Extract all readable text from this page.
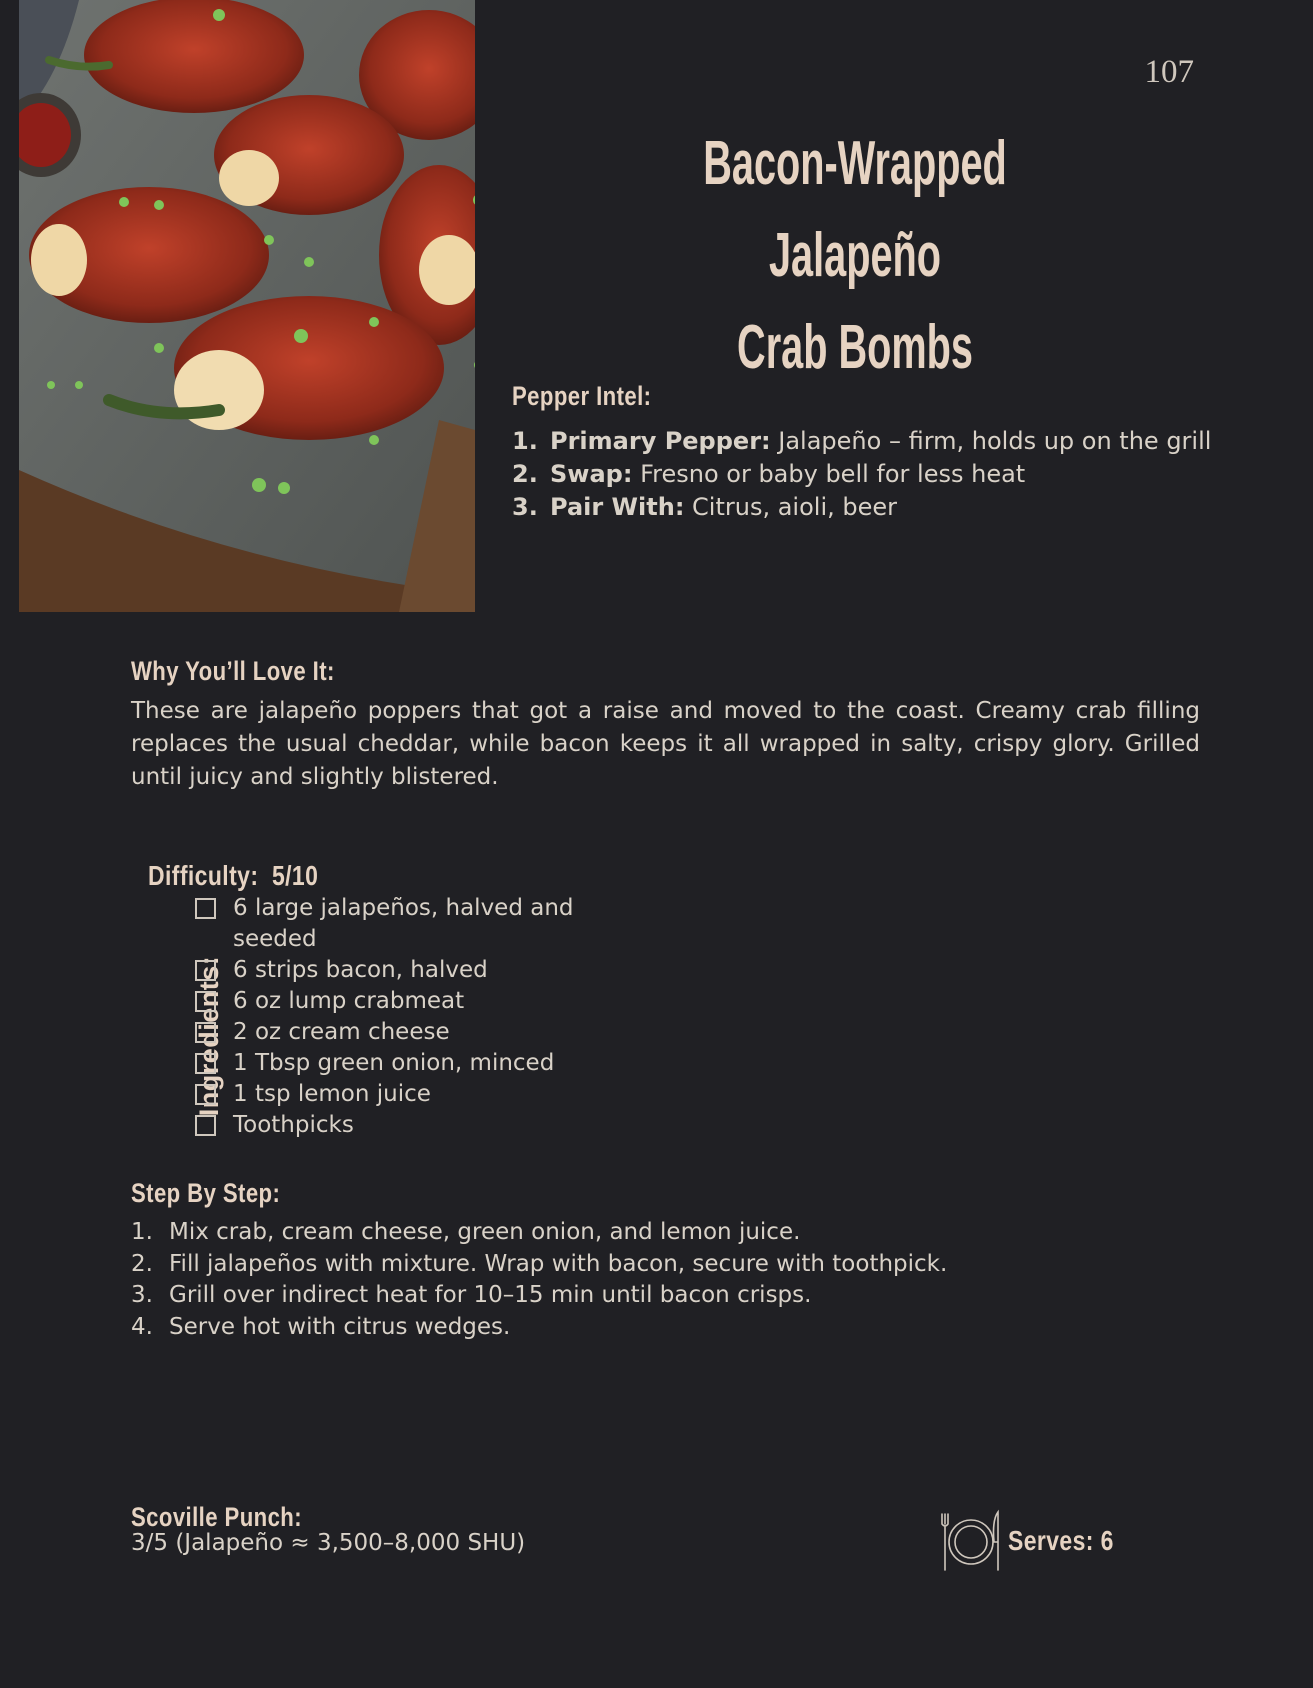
107
Bacon-Wrapped Jalapeño
Crab Bombs
Pepper Intel:
1. Primary Pepper: Jalapeño – firm, holds up on the grill
2. Swap: Fresno or baby bell for less heat
3. Pair With: Citrus, aioli, beer
Why You’ll Love It:

These are jalapeño poppers that got a raise and moved to the coast. Creamy crab filling replaces the usual cheddar, while bacon keeps it all wrapped in salty, crispy glory. Grilled until juicy and slightly blistered.

Difficulty: 5/10

Ingredients:
6 large jalapeños, halved and seeded
6 strips bacon, halved
6 oz lump crabmeat
2 oz cream cheese
1 Tbsp green onion, minced
1 tsp lemon juice
Toothpicks
Step By Step:
1. Mix crab, cream cheese, green onion, and lemon juice.
2. Fill jalapeños with mixture. Wrap with bacon, secure with toothpick.
3. Grill over indirect heat for 10–15 min until bacon crisps.
4. Serve hot with citrus wedges.
Scoville Punch:
3/5 (Jalapeño ≈ 3,500–8,000 SHU)	Serves: 6
